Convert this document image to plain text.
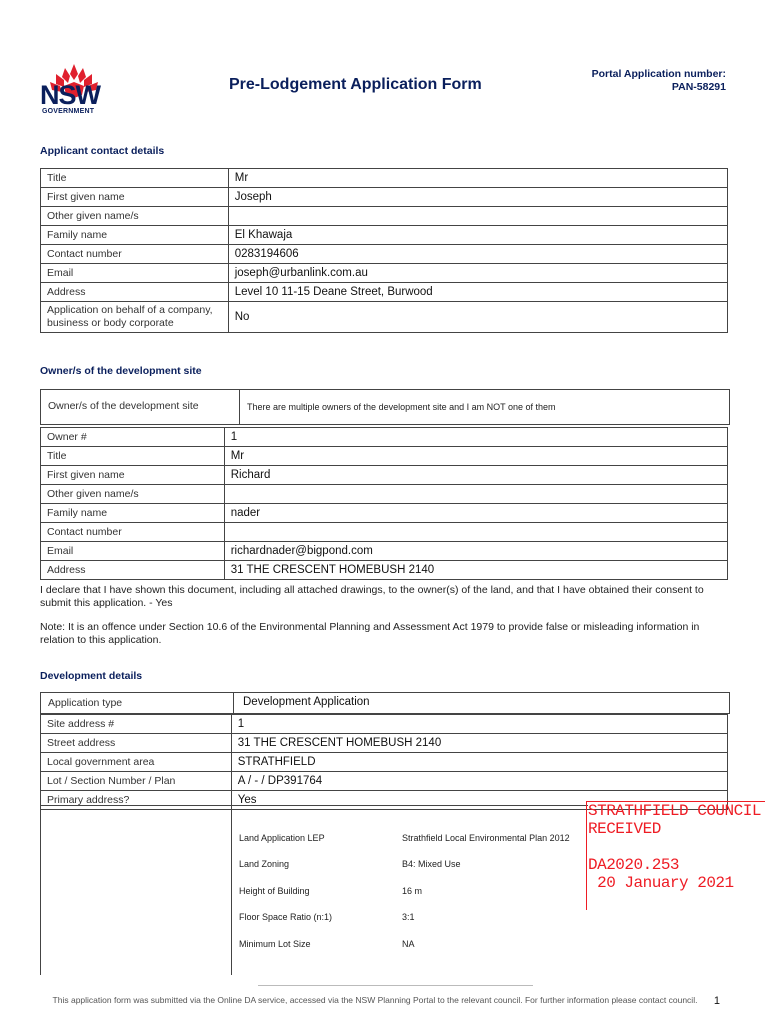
NSW
GOVERNMENT
Pre-Lodgement Application Form
Portal Application number:
PAN-58291
Applicant contact details
Title	Mr
First given name	Joseph
Other given name/s	
Family name	El Khawaja
Contact number	0283194606
Email	joseph@urbanlink.com.au
Address	Level 10 11-15 Deane Street, Burwood

Application on behalf of a company,
business or body corporate	No
Owner/s of the development site
Owner/s of the development site	There are multiple owners of the development site and I am NOT one of them
Owner #	1
Title	Mr
First given name	Richard
Other given name/s	
Family name	nader
Contact number	
Email	richardnader@bigpond.com
Address	31 THE CRESCENT HOMEBUSH 2140
I declare that I have shown this document, including all attached drawings, to the owner(s) of the land, and that I have obtained their consent to submit this application. - Yes
Note: It is an offence under Section 10.6 of the Environmental Planning and Assessment Act 1979 to provide false or misleading information in relation to this application.
Development details
Application type	Development Application
Site address #	1
Street address	31 THE CRESCENT HOMEBUSH 2140
Local government area	STRATHFIELD
Lot / Section Number / Plan	A / - / DP391764
Primary address?	Yes
Land Application LEP	Strathfield Local Environmental Plan 2012
Land Zoning	B4: Mixed Use
Height of Building	16 m
Floor Space Ratio (n:1)	3:1
Minimum Lot Size	NA
STRATHFIELD COUNCIL
RECEIVED
DA2020.253
20 January 2021
This application form was submitted via the Online DA service, accessed via the NSW Planning Portal to the relevant council. For further information please contact council.	1
